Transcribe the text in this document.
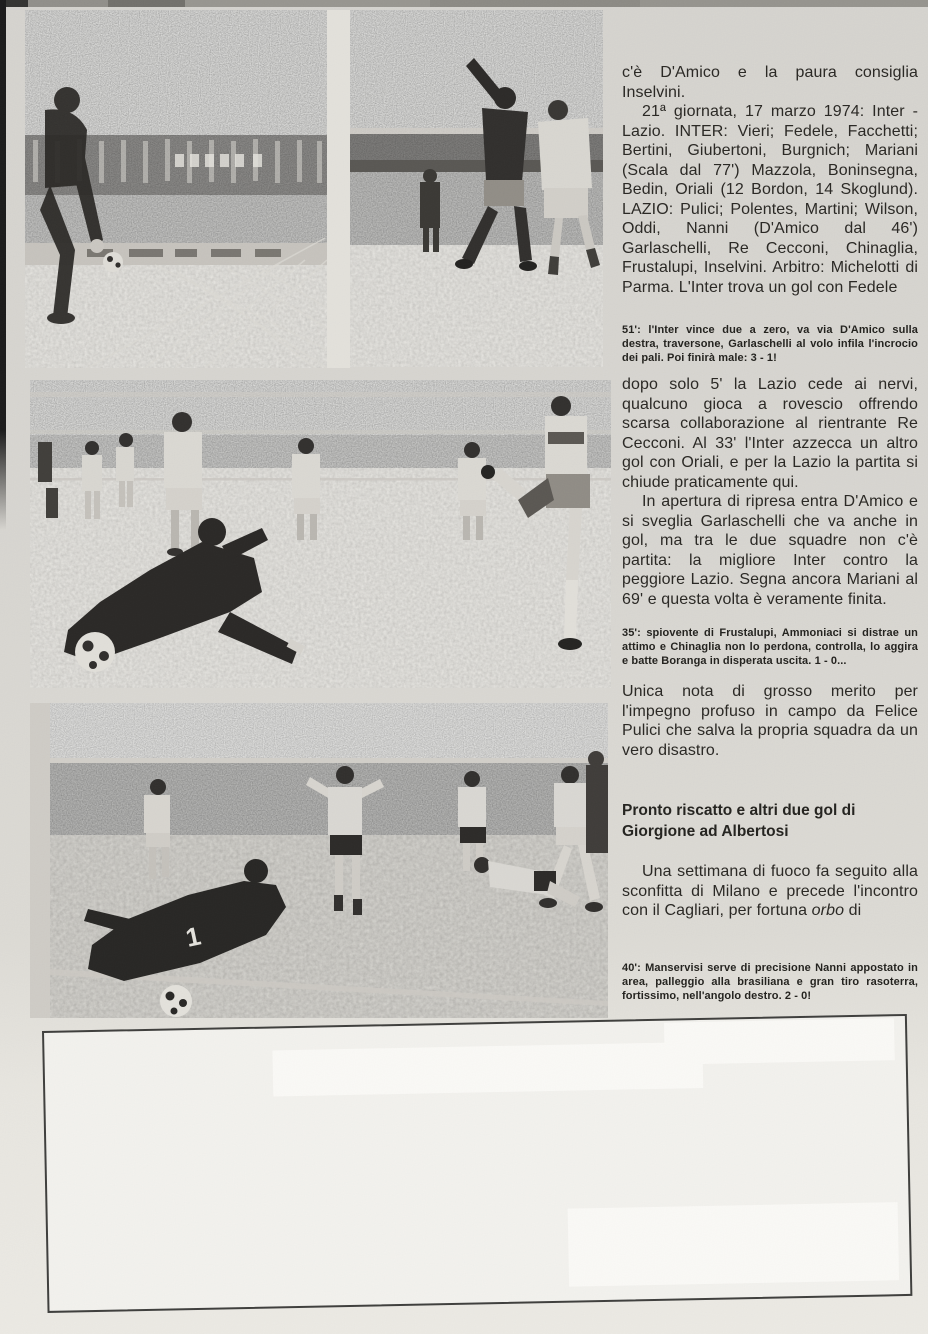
1

c'è D'Amico e la paura consiglia Inselvini.

21ª giornata, 17 marzo 1974: Inter - Lazio. INTER: Vieri; Fedele, Facchetti; Bertini, Giubertoni, Burgnich; Mariani (Scala dal 77') Mazzola, Boninsegna, Bedin, Oriali (12 Bordon, 14 Skoglund). LAZIO: Pulici; Polentes, Martini; Wilson, Oddi, Nanni (D'Amico dal 46') Garlaschelli, Re Cecconi, Chinaglia, Frustalupi, Inselvini. Arbitro: Michelotti di Parma. L'Inter trova un gol con Fedele

51': l'Inter vince due a zero, va via D'Amico sulla destra, traversone, Garlaschelli al volo infila l'incrocio dei pali. Poi finirà male: 3 - 1!

dopo solo 5' la Lazio cede ai nervi, qualcuno gioca a rovescio offrendo scarsa collaborazione al rientrante Re Cecconi. Al 33' l'Inter azzecca un altro gol con Oriali, e per la Lazio la partita si chiude praticamente qui.

In apertura di ripresa entra D'Amico e si sveglia Garlaschelli che va anche in gol, ma tra le due squadre non c'è partita: la migliore Inter contro la peggiore Lazio. Segna ancora Mariani al 69' e questa volta è veramente finita.

35': spiovente di Frustalupi, Ammoniaci si distrae un attimo e Chinaglia non lo perdona, controlla, lo aggira e batte Boranga in disperata uscita. 1 - 0...

Unica nota di grosso merito per l'impegno profuso in campo da Felice Pulici che salva la propria squadra da un vero disastro.

Pronto riscatto e altri due gol di Giorgione ad Albertosi

Una settimana di fuoco fa seguito alla sconfitta di Milano e precede l'incontro con il Cagliari, per fortuna orbo di

40': Manservisi serve di precisione Nanni appostato in area, palleggio alla brasiliana e gran tiro rasoterra, fortissimo, nell'angolo destro. 2 - 0!
